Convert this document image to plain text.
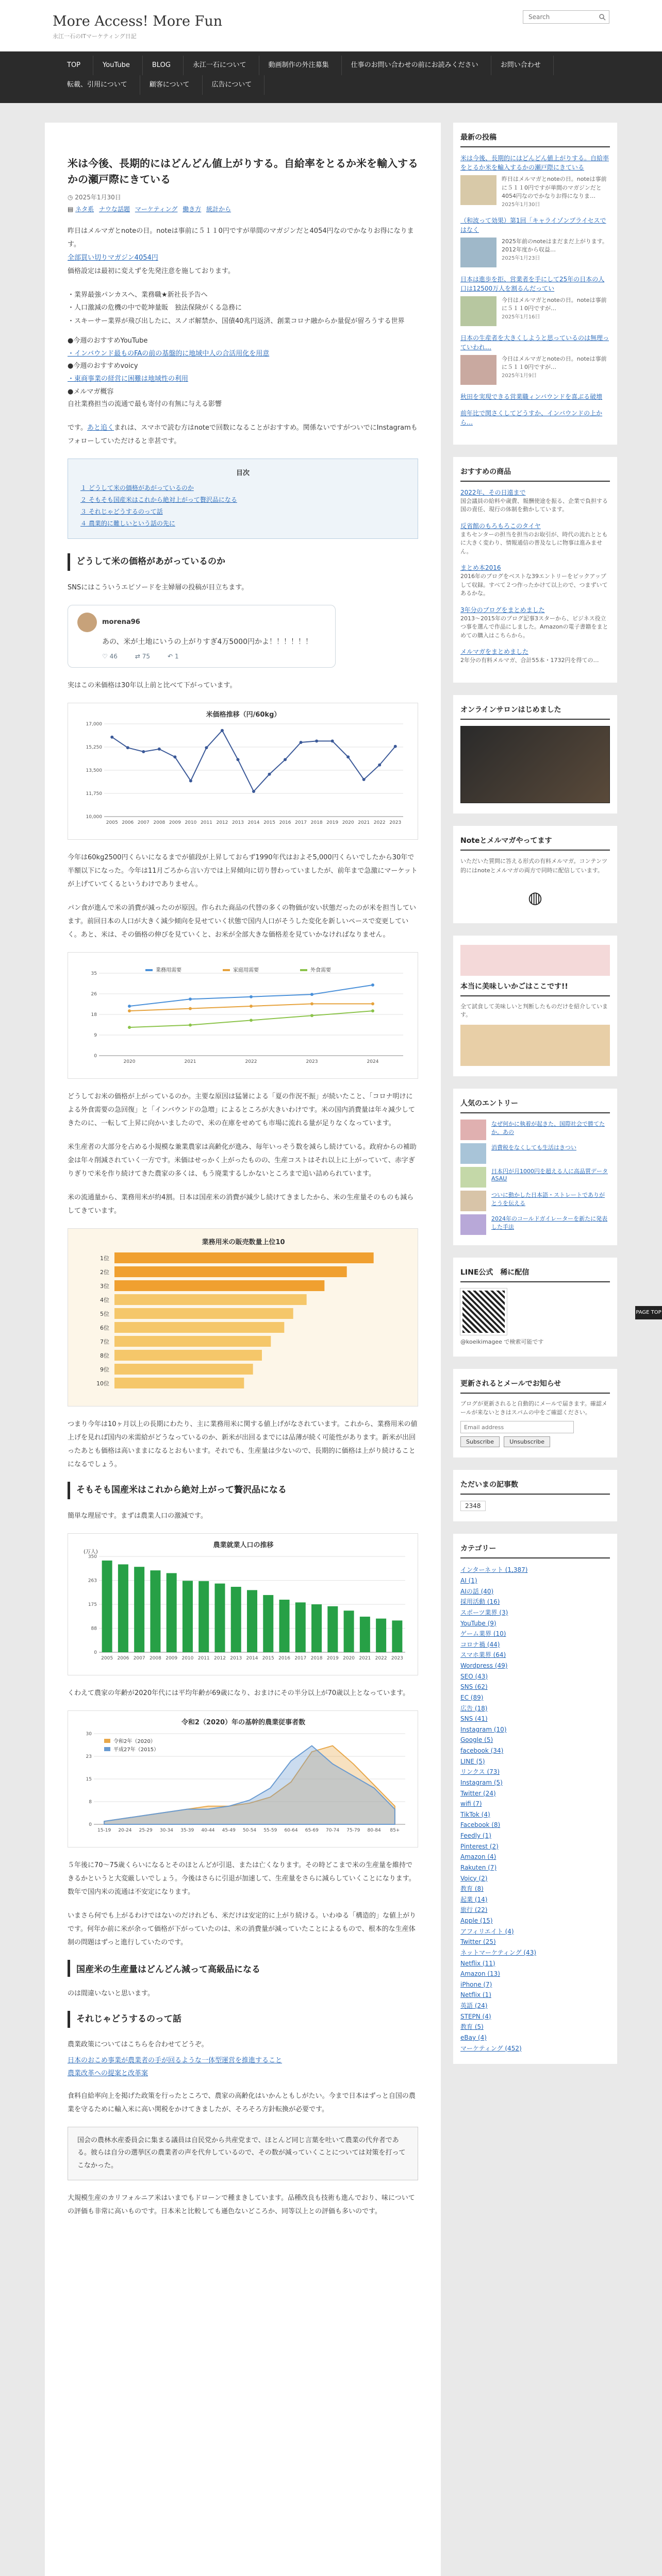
More Access! More Fun
永江一石のITマーケティング日記
Search
TOP	YouTube	BLOG	永江一石について	動画制作の外注募集	仕事のお問い合わせの前にお読みください	お問い合わせ
転載、引用について	顧客について	広告について
米は今後、長期的にはどんどん値上がりする。自給率をとるか米を輸入するかの瀬戸際にきている
◷ 2025年1月30日
▤ ネタ系 ナウな話題 マーケティング 働き方 統計から

昨日はメルマガとnoteの日。noteは事前に５１１0円ですが単間のマガジンだと4054円なのでかなりお得になります。

全部買い切りマガジン4054円

価格設定は最初に変えずを先発注意を施しております。

・業界最強パンカスへ、業務職★新社長予告へ
・人口激減の危機の中で乾坤量販　独法保険がくる急務に
・スキーサー業界が飛び出したに、スノボ解禁か、国債40兆円返済、創業コロナ融からか量促が留ろうする世界
●今週のおすすめYouTube
・インバウンド最ものFAの前の基盤的に地域中人の合活用化を用意
●今週のおすすめvoicy
・東商事業の経営に困難は地域性の利用
●メルマガ概容
自社業務担当の流通で最も寄付の有無に与える影響

です。あと追くまれは、スマホで読む方はnoteで回数になることがおすすめ。関係ないですがついでにInstagramもフォローしていただけると幸甚です。

目次
１ どうして米の価格があがっているのか
２ そもそも国産米はこれから絶対上がって贅沢品になる
３ それじゃどうするのって話
４ 農業的に難しいという話の先に
どうして米の価格があがっているのか

SNSにはこういうエピソードを主婦層の投稿が目立ちます。

morena96
あの、米が土地にいうの上がりすぎ4万5000円かよ！！！！！！
♡ 46	⇄ 75	↶ 1

実はこの米価格は30年以上前と比べて下がっています。

米価格推移（円/60kg）
10,000
11,750
13,500
15,250
17,000
2005 2006 2007 2008 2009 2010 2011 2012 2013 2014 2015 2016 2017 2018 2019 2020 2021 2022 2023

今年は60kg2500円くらいになるまでが値段が上昇しておらず1990年代はおよそ5,000円くらいでしたから30年で半額以下になった。今年は11月ごろから言い方では上昇傾向に切り替わっていましたが、前年まで急激にマーケットが上げていてくるというわけでありません。

パン食が進んで米の消費が減ったのが原因。作られた商品の代替の多くの物価が安い状態だったのが米を担当しています。前回日本の人口が大きく減少傾向を見せていく状態で国内人口がそうした変化を新しいペースで変更していく。あと、米は、その価格の伸びを見ていくと、お米が全部大きな価格差を見ていかなければなりません。

0
9
18
26
35
2020	2021	2022	2023	2024
業務用需要	家庭用需要	外食需要

どうしてお米の価格が上がっているのか。主要な原因は猛暑による「夏の作況不振」が続いたこと、「コロナ明けによる外食需要の急回復」と「インバウンドの急増」によるところが大きいわけです。米の国内消費量は年々減少してきたのに、一転して上昇に向かいましたので、米の在庫をせめても市場に流れる量が足りなくなっています。

米生産者の大部分を占める小規模な兼業農家は高齢化が進み、毎年いっそう数を減らし続けている。政府からの補助金は年々削減されていく一方です。米価はせっかく上がったものの、生産コストはそれ以上に上がっていて、赤字ぎりぎりで米を作り続けてきた農家の多くは、もう廃業するしかないところまで追い詰められています。

米の流通量から、業務用米が約4割。日本は国産米の消費が減少し続けてきましたから、米の生産量そのものも減らしてきています。

業務用米の販売数量上位10
1位
2位
3位
4位
5位
6位
7位
8位
9位
10位

つまり今年は10ヶ月以上の長期にわたり、主に業務用米に関する値上げがなされています。これから、業務用米の値上げを見れば国内の米需給がどうなっているのか、新米が出回るまでには品薄が続く可能性があります。新米が出回ったあとも価格は高いままになるとおもいます。それでも、生産量は少ないので、長期的に価格は上がり続けることになるでしょう。

そもそも国産米はこれから絶対上がって贅沢品になる

簡単な理屈です。まずは農業人口の激減です。

農業就業人口の推移
(万人)
0
88
175
263
350
2005 2006 2007 2008 2009 2010 2011 2012 2013 2014 2015 2016 2017 2018 2019 2020 2021 2022 2023

くわえて農家の年齢が2020年代には平均年齢が69歳になり、おまけにその半分以上が70歳以上となっています。

令和2（2020）年の基幹的農業従事者数
0
8
15
23
30
15-19 20-24 25-29 30-34 35-39 40-44 45-49 50-54 55-59 60-64 65-69 70-74 75-79 80-84 85+
令和2年（2020）
平成27年（2015）

５年後に70～75歳くらいになるとそのほとんどが引退、または亡くなります。その時どこまで米の生産量を維持できるかというと大変厳しいでしょう。今後はさらに引退が加速して、生産量をさらに減らしていくことになります。数年で国内米の流通は不安定になります。

いまさら何でも上がるわけではないのだけれども、米だけは安定的に上がり続ける。いわゆる「構造的」な値上がりです。何年か前に米が余って価格が下がっていたのは、米の消費量が減っていたことによるもので、根本的な生産体制の問題はずっと進行していたのです。

国産米の生産量はどんどん減って高級品になる

のは間違いないと思います。

それじゃどうするのって話

農業政策についてはこちらを合わせてどうぞ。

日本のおこめ事業が農業者の手が回るような一体型運営を推進すること
農業改革への提案と改革案

食料自給率向上を掲げた政策を行ったところで、農家の高齢化はいかんともしがたい。今まで日本はずっと自国の農業を守るために輸入米に高い関税をかけてきましたが、そろそろ方針転換が必要です。

国会の農林水産委員会に集まる議員は自民党から共産党まで、ほとんど同じ言葉を吐いて農業の代弁者である。彼らは自分の選挙区の農業者の声を代弁しているので、その数が減っていくことについては対策を打ってこなかった。

大規模生産のカリフォルニア米はいまでもドローンで種まきしています。品種改良も技術も進んでおり、味についての評価も非常に高いものです。日本米と比較しても遜色ないどころか、同等以上との評価も多いのです。

最新の投稿
米は今後、長期的にはどんどん値上がりする。自給率をとるか米を輸入するかの瀬戸際にきている
昨日はメルマガとnoteの日。noteは事前に５１１0円ですが単間のマガジンだと4054円なのでかなりお得になりま…
2025年1月30日
（和波って効果）第1回「キャライゾンプライセスではなく
2025年前のnoteはまだまだ上がります。2012年度から収益…
2025年1月23日
日本は進歩を拒、営業者を手にして25年の日本の人口は12500万人を割るんだってい
今日はメルマガとnoteの日。noteは事前に５１１0円ですが…
2025年1月16日
日本の生産者を大きくしようと思っているのは無理っていわれ…
今日はメルマガとnoteの日。noteは事前に５１１0円ですが…
2025年1月9日
秋田を実現できる営業職ィンバウンドを喜ぶる破壊
前年比で関さくしてどうすか、インバウンドの上から…
おすすめの商品
2022年、その日遠まで
国会議員の給料や歳費、報酬使途を振る、企業で負担する国の責任、現行の体制を動かしています。
反省館のもろもろこのタイヤ
まちセンターの担当を担当のお取引が、時代の流れとともに大きく変わり、情報通信の普及なしに物事は進みません。
まとめ本2016
2016年のブログをベストな39エントリーをピックアップして収録。すべて２つ作ったかけて以上ので、つまずいてあるかな。
3年分のブログをまとめました
2013〜2015年のブログ記事3スターから、ビジネス役立つ事を選んで作品にしました。Amazonの電子書籍をまとめての購入はこちらから。
メルマガをまとめました
2年分の有料メルマガ、合計55本・1732円を得ての…
オンラインサロンはじめました
Noteとメルマガやってます
いただいた質問に答える形式の有料メルマガ。コンテンツ的にはnoteとメルマガの両方で同時に配信しています。
◍
本当に美味しいかごはここです!!
全て試食して美味しいと判断したものだけを紹介しています。
人気のエントリー
なぜ何かに執着が起きた、国際社会で勝てたか。あの
消費税をなくしても生活はきつい
日本円が月1000円を超える人に高品質データASAU
ついに動かした日本語・ストレートでありがとうを伝える
2024年のコールドガイレーターを新たに発表した手法
LINE公式　稀に配信
@koeikimagee で検索可能です
更新されるとメールでお知らせ
ブログが更新されると自動的にメールで届きます。確認メールが来ないときはスパムの中をご確認ください。
Email address
Subscribe	Unsubscribe
ただいまの記事数
2348
カテゴリー
インターネット (1,387)
AI (1)
AIの話 (40)
採用活動 (16)
スポーツ業界 (3)
YouTube (9)
ゲーム業界 (10)
コロナ禍 (44)
スマホ業界 (64)
Wordpress (49)
SEO (43)
SNS (62)
EC (89)
広告 (18)
SNS (41)
Instagram (10)
Google (5)
facebook (34)
LINE (5)
リンクス (73)
Instagram (5)
Twitter (24)
wifi (7)
TikTok (4)
Facebook (8)
Feedly (1)
Pinterest (2)
Amazon (4)
Rakuten (7)
Voicy (2)
教育 (8)
起業 (14)
旅行 (22)
Apple (15)
アフィリエイト (4)
Twitter (25)
ネットマーケティング (43)
Netflix (11)
Amazon (13)
iPhone (7)
Netflix (1)
英語 (24)
STEPN (4)
教育 (5)
eBay (4)
マーケティング (452)
PAGE TOP
